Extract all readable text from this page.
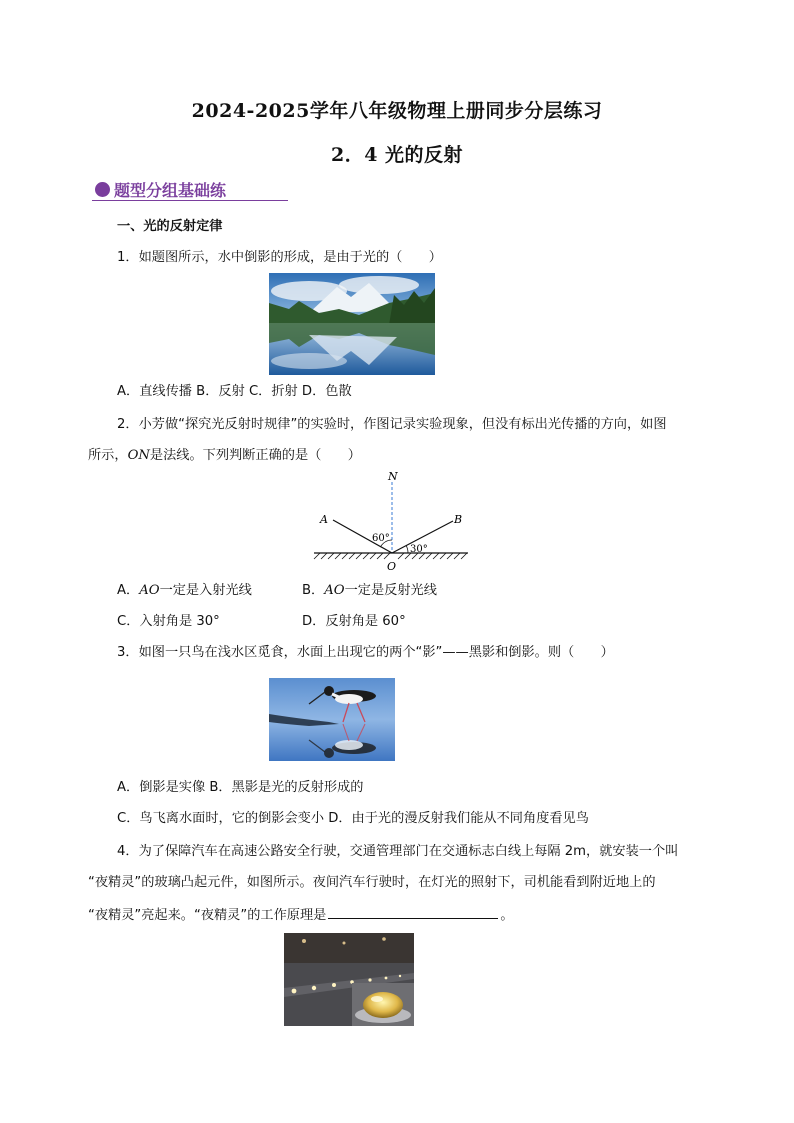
2024-2025学年八年级物理上册同步分层练习
2．4 光的反射
题型分组基础练
一、光的反射定律
1．如题图所示，水中倒影的形成，是由于光的（　　）
A．直线传播 B．反射 C．折射 D．色散
2．小芳做“探究光反射时规律”的实验时，作图记录实验现象，但没有标出光传播的方向，如图
所示，ON是法线。下列判断正确的是（　　）
N
A	B
O
60°
30°
A．AO一定是入射光线	B．AO一定是反射光线
C．入射角是 30°	D．反射角是 60°
3．如图一只鸟在浅水区觅食，水面上出现它的两个“影”——黑影和倒影。则（　　）
A．倒影是实像 B．黑影是光的反射形成的
C．鸟飞离水面时，它的倒影会变小 D．由于光的漫反射我们能从不同角度看见鸟
4．为了保障汽车在高速公路安全行驶，交通管理部门在交通标志白线上每隔 2m，就安装一个叫
“夜精灵”的玻璃凸起元件，如图所示。夜间汽车行驶时，在灯光的照射下，司机能看到附近地上的
“夜精灵”亮起来。“夜精灵”的工作原理是	。
